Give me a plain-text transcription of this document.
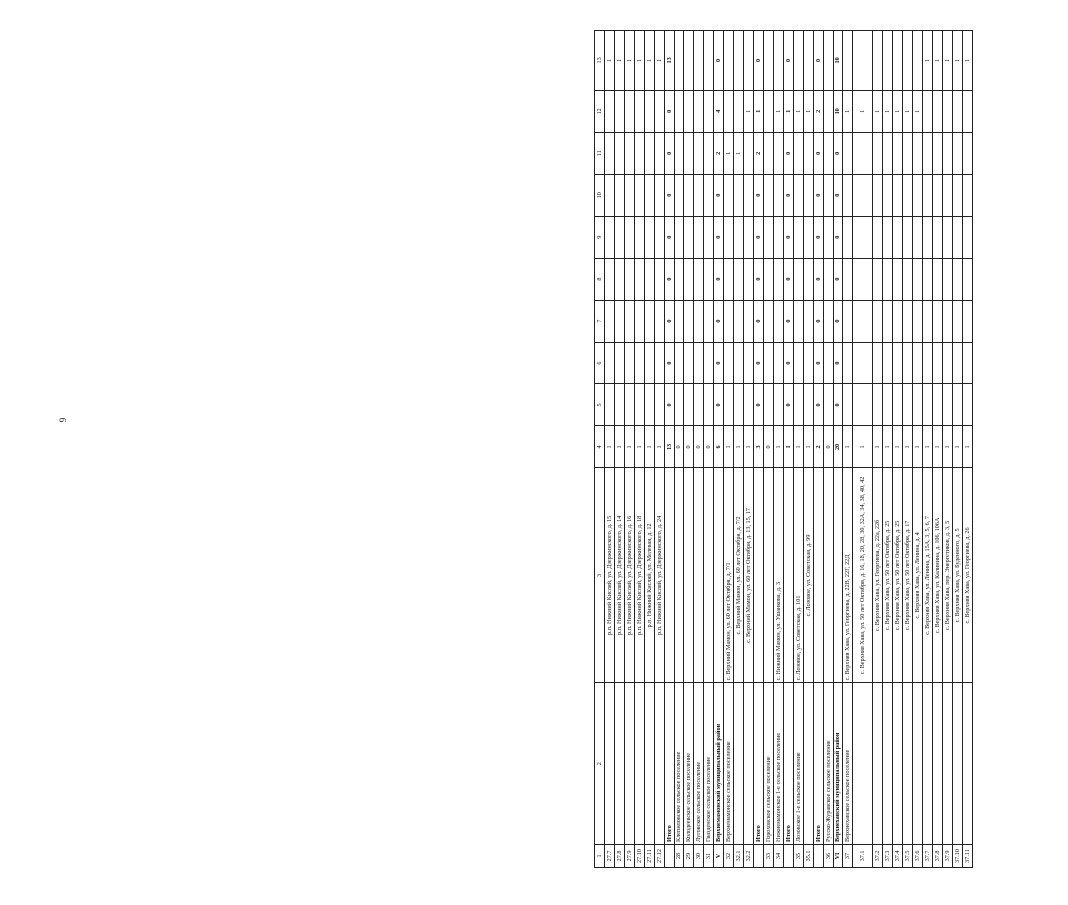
9
1	2	3	4	5	6	7	8	9	10	11	12	13
27.7		р.п. Нижний Кисляй, ул. Дзержинского, д. 15	1									1
27.8		р.п. Нижний Кисляй, ул. Дзержинского, д. 14	1									1
27.9		р.п. Нижний Кисляй, ул. Дзержинского, д. 16	1									1
27.10		р.п. Нижний Кисляй, ул. Дзержинского, д. 18	1									1
27.11		р.п. Нижний Кисляй, ул. Мелевая, д. 12	1									1
27.12		р.п. Нижний Кисляй, ул. Дзержинского, д. 24	1									1
	Итого		13	0	0	0	0	0	0	0	0	13
28	Клепиловское сельское поселение		0									
29	Колодеевское сельское поселение		0									
30	Луговское сельское поселение		0									
31	Гвазденское сельское поселение		0									
V	Верхнемамонский муниципальный район		6	0	0	0	0	0	0	2	4	0
32	Верхнемамонское сельское поселение	с. Верхний Мамон, ул. 60 лет Октября, д. 7/1	1							1		
32.1		с. Верхний Мамон, ул. 60 лет Октября, д. 7/2	1							1		
32.2		с. Верхний Мамон, ул. 60 лет Октября, д. 13, 15, 17	1								1	
	Итого		3	0	0	0	0	0	0	2	1	0
33	Гороховское сельское поселение		0									
34	Нижнемамонское 1-е сельское поселение	с. Нижний Мамон, ул. Ушанкова, д. 3	1								1	
	Итого		1	0	0	0	0	0	0	0	1	0
35	Лозовское 1-е сельское поселение	с. Лозовое, ул. Советская, д. 101	1								1	
35.1		с. Лозовое, ул. Советская, д. 99	1								1	
	Итого		2	0	0	0	0	0	0	0	2	0
36	Русско-Журавское сельское поселение		0									
VI	Верхнехавский муниципальный район		20	0	0	0	0	0	0	0	10	10
37	Верхнехавское сельское поселение	с. Верхняя Хава, ул. Георгиева, д. 22В, 22Г, 22Д	1								1	
37.1		с. Верхняя Хава, ул. 50 лет Октября, д. 16, 18, 20, 28, 30, 32А, 34, 38, 40, 42	1								1	
37.2		с. Верхняя Хава, ул. Георгиева, д. 22а, 22б	1								1	
37.3		с. Верхняя Хава, ул. 50 лет Октября, д. 25	1								1	
37.4		с. Верхняя Хава, ул. 50 лет Октября, д. 25	1								1	
37.5		с. Верхняя Хава, ул. 50 лет Октября, д. 17	1								1	
37.6		с. Верхняя Хава, ул. Ленина, д. 4	1								1	
37.7		с. Верхняя Хава, ул. Ленина, д. 15А, 3, 5, 6, 7	1									1
37.8		с. Верхняя Хава, ул. Калинина, д. 106, 106А	1									1
37.9		с. Верхняя Хава, пер. Энергетиков, д. 3, 5	1									1
37.10		с. Верхняя Хава, ул. Буденного, д. 5	1									1
37.11		с. Верхняя Хава, ул. Георгиева, д. 26	1									1
